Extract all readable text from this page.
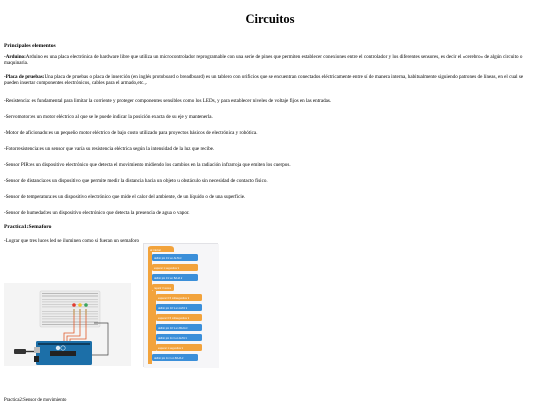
Circuitos
Principales elementos
-Arduino:Arduino es una placa electrónica de hardware libre que utiliza un microcontrolador reprogramable con una serie de pines que permiten establecer conexiones entre el controlador y los diferentes sensores, es decir el «cerebro» de algún circuito o maquinaria.
-Placa de pruebas:Una placa de pruebas o placa de inserción (en inglés protoboard o breadboard) es un tablero con orificios que se encuentran conectados eléctricamente entre sí de manera interna, habitualmente siguiendo patrones de líneas, en el cual se pueden insertar componentes electrónicos, cables para el armado,etc.,.
-Resistencia: es fundamental para limitar la corriente y proteger componentes sensibles como los LEDs, y para establecer niveles de voltaje fijos en las entradas.
-Servomotor:es un motor eléctrico al que se le puede indicar la posición exacta de su eje y mantenerla.
-Motor de aficionado:es un pequeño motor eléctrico de bajo costo utilizado para proyectos básicos de electrónica y robótica.
-Fotorresistencia:es un sensor que varía su resistencia eléctrica según la intensidad de la luz que recibe.
-Sensor PIR:es un dispositivo electrónico que detecta el movimiento midiendo los cambios en la radiación infrarroja que emiten los cuerpos.
-Sensor de distancia:es un dispositivo que permite medir la distancia hacia un objeto u obstáculo sin necesidad de contacto físico.
-Sensor de temperatura:es un dispositivo electrónico que mide el calor del ambiente, de un líquido o de una superficie.
-Sensor de humedad:es un dispositivo electrónico que detecta la presencia de agua o vapor.
Practica1:Semaforo
-Lograr que tres luces led se iluminen como si fueran un semaforo
al iniciar
definir pin 9 ▾ en ALTA ▾
esperar 1 segundos ▾
definir pin 9 ▾ en BAJA ▾
repetir 3 veces
esperar 0.5 milisegundos ▾
definir pin 10 ▾ en ALTA ▾
esperar 0.5 milisegundos ▾
definir pin 10 ▾ en BAJA ▾
definir pin 11 ▾ en ALTA ▾
esperar 1 segundos ▾
definir pin 11 ▾ en BAJA ▾
Practica2:Sensor de movimiento
